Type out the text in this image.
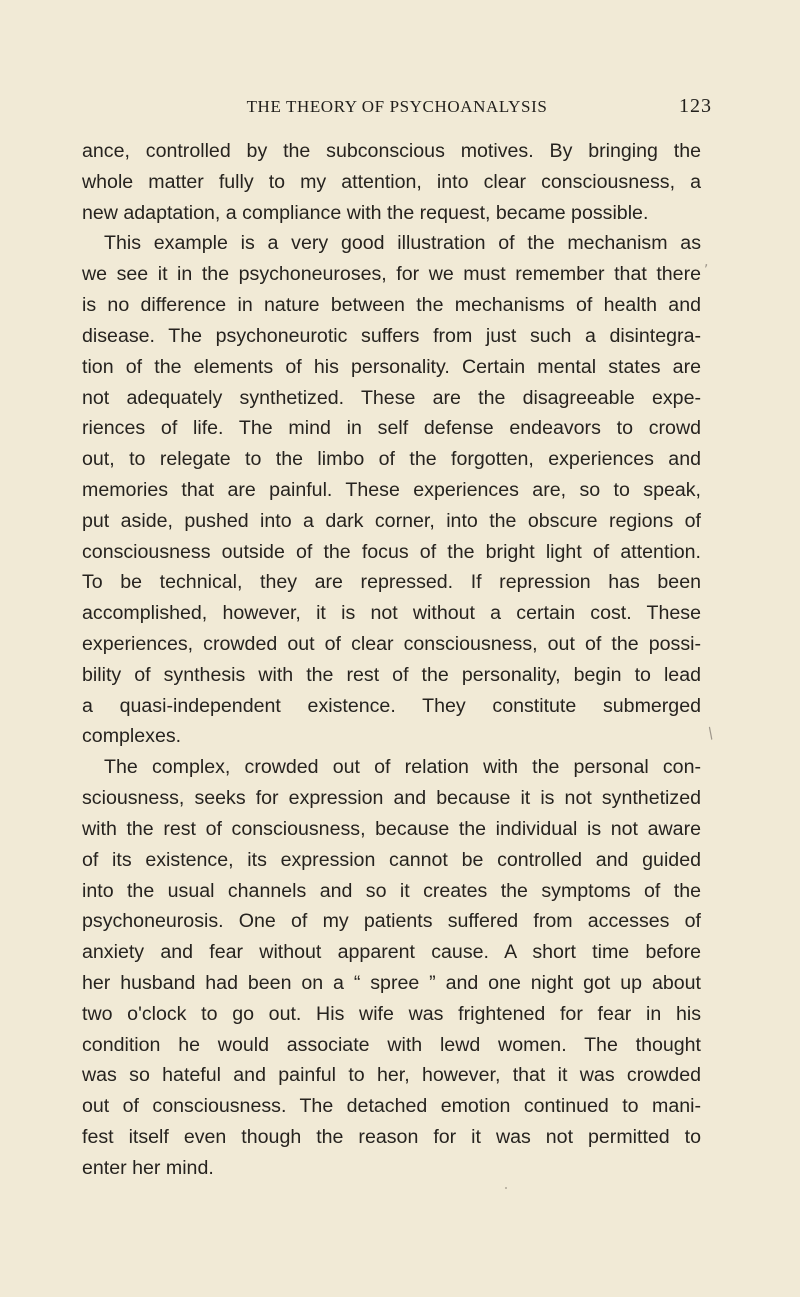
THE THEORY OF PSYCHOANALYSIS	123
ance, controlled by the subconscious motives. By bringing the
whole matter fully to my attention, into clear consciousness, a
new adaptation, a compliance with the request, became possible.
This example is a very good illustration of the mechanism as
we see it in the psychoneuroses, for we must remember that there
is no difference in nature between the mechanisms of health and
disease. The psychoneurotic suffers from just such a disintegra-
tion of the elements of his personality. Certain mental states are
not adequately synthetized. These are the disagreeable expe-
riences of life. The mind in self defense endeavors to crowd
out, to relegate to the limbo of the forgotten, experiences and
memories that are painful. These experiences are, so to speak,
put aside, pushed into a dark corner, into the obscure regions of
consciousness outside of the focus of the bright light of attention.
To be technical, they are repressed. If repression has been
accomplished, however, it is not without a certain cost. These
experiences, crowded out of clear consciousness, out of the possi-
bility of synthesis with the rest of the personality, begin to lead
a quasi-independent existence. They constitute submerged
complexes.
The complex, crowded out of relation with the personal con-
sciousness, seeks for expression and because it is not synthetized
with the rest of consciousness, because the individual is not aware
of its existence, its expression cannot be controlled and guided
into the usual channels and so it creates the symptoms of the
psychoneurosis. One of my patients suffered from accesses of
anxiety and fear without apparent cause. A short time before
her husband had been on a “ spree ” and one night got up about
two o'clock to go out. His wife was frightened for fear in his
condition he would associate with lewd women. The thought
was so hateful and painful to her, however, that it was crowded
out of consciousness. The detached emotion continued to mani-
fest itself even though the reason for it was not permitted to
enter her mind.
,
/
